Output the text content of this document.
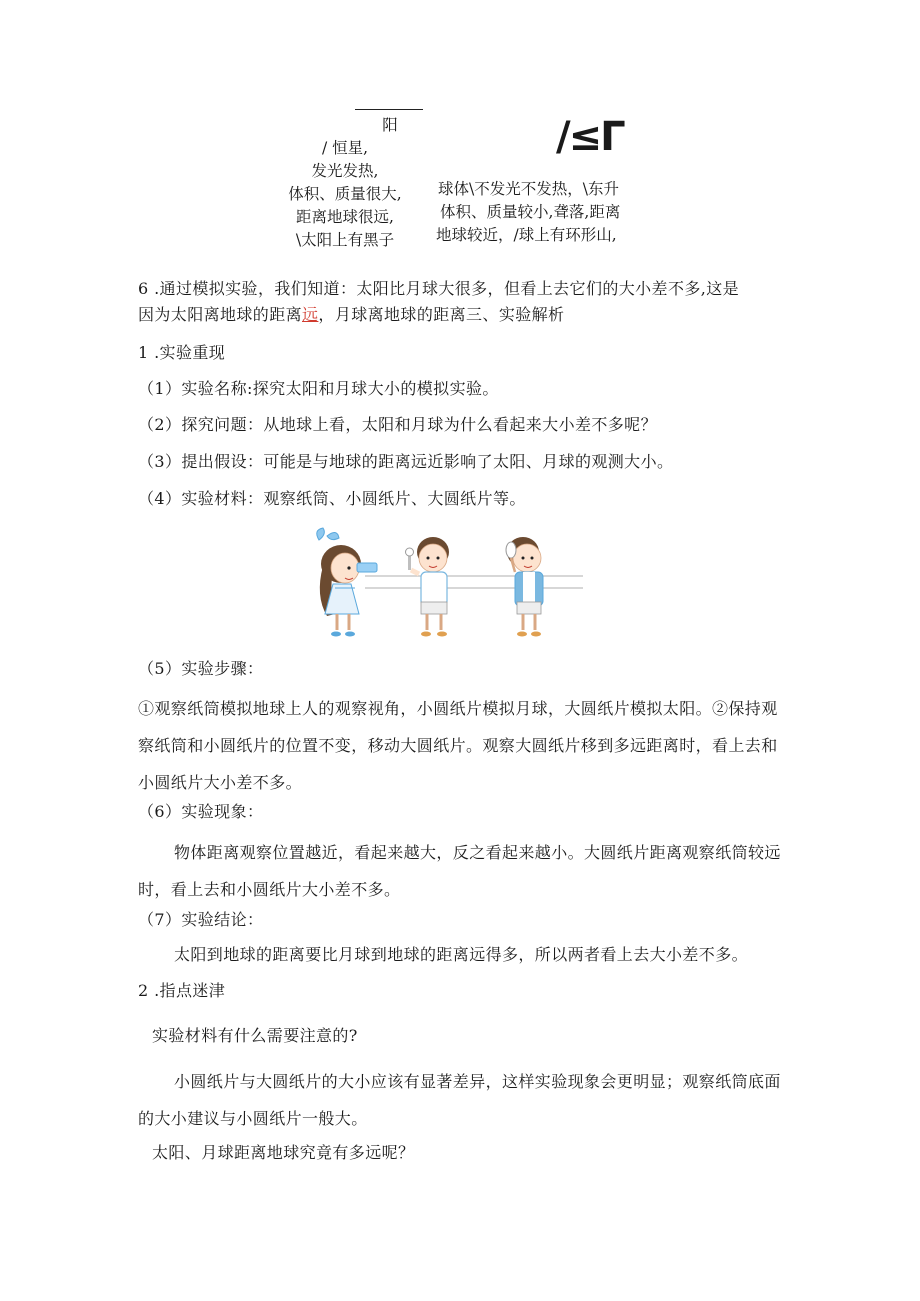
阳
/ 恒星,
发光发热,
体积、质量很大,
距离地球很远,
\太阳上有黑子
/≤Γ
球体\不发光不发热，\东升
体积、质量较小,聋落,距离
地球较近，/球上有环形山,
6 .通过模拟实验，我们知道：太阳比月球大很多，但看上去它们的大小差不多,这是
因为太阳离地球的距离远，月球离地球的距离三、实验解析
1 .实验重现
（1）实验名称:探究太阳和月球大小的模拟实验。
（2）探究问题：从地球上看，太阳和月球为什么看起来大小差不多呢？
（3）提出假设：可能是与地球的距离远近影响了太阳、月球的观测大小。
（4）实验材料：观察纸筒、小圆纸片、大圆纸片等。
（5）实验步骤：
①观察纸筒模拟地球上人的观察视角，小圆纸片模拟月球，大圆纸片模拟太阳。②保持观察纸筒和小圆纸片的位置不变，移动大圆纸片。观察大圆纸片移到多远距离时，看上去和小圆纸片大小差不多。
（6）实验现象：
物体距离观察位置越近，看起来越大，反之看起来越小。大圆纸片距离观察纸筒较远时，看上去和小圆纸片大小差不多。
（7）实验结论：
太阳到地球的距离要比月球到地球的距离远得多，所以两者看上去大小差不多。
2 .指点迷津
实验材料有什么需要注意的?
小圆纸片与大圆纸片的大小应该有显著差异，这样实验现象会更明显；观察纸筒底面的大小建议与小圆纸片一般大。
太阳、月球距离地球究竟有多远呢？
